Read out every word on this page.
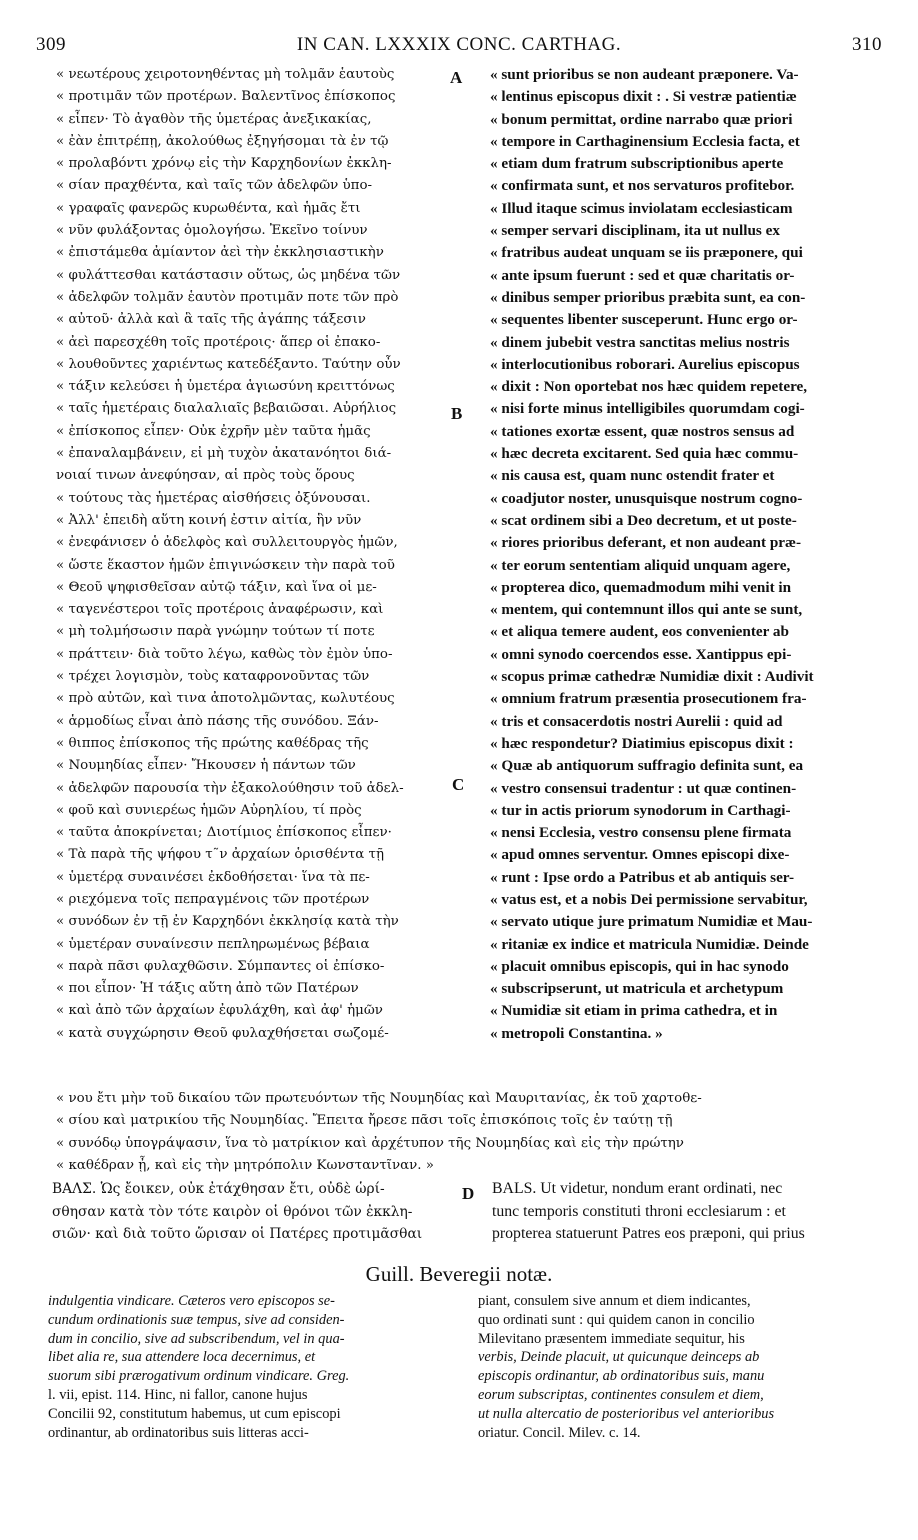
309	IN CAN. LXXXIX CONC. CARTHAG.	310
« νεωτέρους χειροτονηθέντας μὴ τολμᾶν ἑαυτοὺς
« προτιμᾶν τῶν προτέρων. Βαλεντῖνος ἐπίσκοπος
« εἶπεν· Τὸ ἀγαθὸν τῆς ὑμετέρας ἀνεξικακίας,
« ἐὰν ἐπιτρέπῃ, ἀκολούθως ἐξηγήσομαι τὰ ἐν τῷ
« προλαβόντι χρόνῳ εἰς τὴν Καρχηδονίων ἐκκλη-
« σίαν πραχθέντα, καὶ ταῖς τῶν ἀδελφῶν ὑπο-
« γραφαῖς φανερῶς κυρωθέντα, καὶ ἡμᾶς ἔτι
« νῦν φυλάξοντας ὁμολογήσω. Ἐκεῖνο τοίνυν
« ἐπιστάμεθα ἀμίαντον ἀεὶ τὴν ἐκκλησιαστικὴν
« φυλάττεσθαι κατάστασιν οὕτως, ὡς μηδένα τῶν
« ἀδελφῶν τολμᾶν ἑαυτὸν προτιμᾶν ποτε τῶν πρὸ
« αὐτοῦ· ἀλλὰ καὶ ἃ ταῖς τῆς ἀγάπης τάξεσιν
« ἀεὶ παρεσχέθη τοῖς προτέροις· ἅπερ οἱ ἐπακο-
« λουθοῦντες χαριέντως κατεδέξαντο. Ταύτην οὖν
« τάξιν κελεύσει ἡ ὑμετέρα ἁγιωσύνη κρειττόνως
« ταῖς ἡμετέραις διαλαλιαῖς βεβαιῶσαι. Αὐρήλιος
« ἐπίσκοπος εἶπεν· Οὐκ ἐχρῆν μὲν ταῦτα ἡμᾶς
« ἐπαναλαμβάνειν, εἰ μὴ τυχὸν ἀκατανόητοι διά-
νοιαί τινων ἀνεφύησαν, αἱ πρὸς τοὺς ὅρους
« τούτους τὰς ἡμετέρας αἰσθήσεις ὀξύνουσαι.
« Ἀλλ' ἐπειδὴ αὕτη κοινή ἐστιν αἰτία, ἣν νῦν
« ἐνεφάνισεν ὁ ἀδελφὸς καὶ συλλειτουργὸς ἡμῶν,
« ὥστε ἕκαστον ἡμῶν ἐπιγινώσκειν τὴν παρὰ τοῦ
« Θεοῦ ψηφισθεῖσαν αὐτῷ τάξιν, καὶ ἵνα οἱ με-
« ταγενέστεροι τοῖς προτέροις ἀναφέρωσιν, καὶ
« μὴ τολμήσωσιν παρὰ γνώμην τούτων τί ποτε
« πράττειν· διὰ τοῦτο λέγω, καθὼς τὸν ἐμὸν ὑπο-
« τρέχει λογισμὸν, τοὺς καταφρονοῦντας τῶν
« πρὸ αὐτῶν, καὶ τινα ἀποτολμῶντας, κωλυτέους
« ἁρμοδίως εἶναι ἀπὸ πάσης τῆς συνόδου. Ξάν-
« θιππος ἐπίσκοπος τῆς πρώτης καθέδρας τῆς
« Νουμηδίας εἶπεν· Ἤκουσεν ἡ πάντων τῶν
« ἀδελφῶν παρουσία τὴν ἐξακολούθησιν τοῦ ἀδελ-
« φοῦ καὶ συνιερέως ἡμῶν Αὐρηλίου, τί πρὸς
« ταῦτα ἀποκρίνεται; Διοτίμιος ἐπίσκοπος εἶπεν·
« Τὰ παρὰ τῆς ψήφου τ῀ν ἀρχαίων ὁρισθέντα τῇ
« ὑμετέρᾳ συναινέσει ἐκδοθήσεται· ἵνα τὰ πε-
« ριεχόμενα τοῖς πεπραγμένοις τῶν προτέρων
« συνόδων ἐν τῇ ἐν Καρχηδόνι ἐκκλησίᾳ κατὰ τὴν
« ὑμετέραν συναίνεσιν πεπληρωμένως βέβαια
« παρὰ πᾶσι φυλαχθῶσιν. Σύμπαντες οἱ ἐπίσκο-
« ποι εἶπον· Ἡ τάξις αὕτη ἀπὸ τῶν Πατέρων
« καὶ ἀπὸ τῶν ἀρχαίων ἐφυλάχθη, καὶ ἀφ' ἡμῶν
« κατὰ συγχώρησιν Θεοῦ φυλαχθήσεται σωζομέ-
« sunt prioribus se non audeant præponere. Va-
« lentinus episcopus dixit : . Si vestræ patientiæ
« bonum permittat, ordine narrabo quæ priori
« tempore in Carthaginensium Ecclesia facta, et
« etiam dum fratrum subscriptionibus aperte
« confirmata sunt, et nos servaturos profitebor.
« Illud itaque scimus inviolatam ecclesiasticam
« semper servari disciplinam, ita ut nullus ex
« fratribus audeat unquam se iis præponere, qui
« ante ipsum fuerunt : sed et quæ charitatis or-
« dinibus semper prioribus præbita sunt, ea con-
« sequentes libenter susceperunt. Hunc ergo or-
« dinem jubebit vestra sanctitas melius nostris
« interlocutionibus roborari. Aurelius episcopus
« dixit : Non oportebat nos hæc quidem repetere,
« nisi forte minus intelligibiles quorumdam cogi-
« tationes exortæ essent, quæ nostros sensus ad
« hæc decreta excitarent. Sed quia hæc commu-
« nis causa est, quam nunc ostendit frater et
« coadjutor noster, unusquisque nostrum cogno-
« scat ordinem sibi a Deo decretum, et ut poste-
« riores prioribus deferant, et non audeant præ-
« ter eorum sententiam aliquid unquam agere,
« propterea dico, quemadmodum mihi venit in
« mentem, qui contemnunt illos qui ante se sunt,
« et aliqua temere audent, eos convenienter ab
« omni synodo coercendos esse. Xantippus epi-
« scopus primæ cathedræ Numidiæ dixit : Audivit
« omnium fratrum præsentia prosecutionem fra-
« tris et consacerdotis nostri Aurelii : quid ad
« hæc respondetur? Diatimius episcopus dixit :
« Quæ ab antiquorum suffragio definita sunt, ea
« vestro consensui tradentur : ut quæ continen-
« tur in actis priorum synodorum in Carthagi-
« nensi Ecclesia, vestro consensu plene firmata
« apud omnes serventur. Omnes episcopi dixe-
« runt : Ipse ordo a Patribus et ab antiquis ser-
« vatus est, et a nobis Dei permissione servabitur,
« servato utique jure primatum Numidiæ et Mau-
« ritaniæ ex indice et matricula Numidiæ. Deinde
« placuit omnibus episcopis, qui in hac synodo
« subscripserunt, ut matricula et archetypum
« Numidiæ sit etiam in prima cathedra, et in
« metropoli Constantina. »
A
B
C
D
« νου ἔτι μὴν τοῦ δικαίου τῶν πρωτευόντων τῆς Νουμηδίας καὶ Μαυριτανίας, ἐκ τοῦ χαρτοθε-
« σίου καὶ ματρικίου τῆς Νουμηδίας. Ἔπειτα ἤρεσε πᾶσι τοῖς ἐπισκόποις τοῖς ἐν ταύτῃ τῇ
« συνόδῳ ὑπογράψασιν, ἵνα τὸ ματρίκιον καὶ ἀρχέτυπον τῆς Νουμηδίας καὶ εἰς τὴν πρώτην
« καθέδραν ᾖ, καὶ εἰς τὴν μητρόπολιν Κωνσταντῖναν. »
ΒΑΛΣ. Ὡς ἔοικεν, οὐκ ἐτάχθησαν ἔτι, οὐδὲ ὡρί-
σθησαν κατὰ τὸν τότε καιρὸν οἱ θρόνοι τῶν ἐκκλη-
σιῶν· καὶ διὰ τοῦτο ὥρισαν οἱ Πατέρες προτιμᾶσθαι
BALS. Ut videtur, nondum erant ordinati, nec
tunc temporis constituti throni ecclesiarum : et
propterea statuerunt Patres eos præponi, qui prius
Guill. Beveregii notæ.
indulgentia vindicare. Cæteros vero episcopos se-
cundum ordinationis suæ tempus, sive ad considen-
dum in concilio, sive ad subscribendum, vel in qua-
libet alia re, sua attendere loca decernimus, et
suorum sibi prærogativum ordinum vindicare. Greg.
l. vii, epist. 114. Hinc, ni fallor, canone hujus
Concilii 92, constitutum habemus, ut cum episcopi
ordinantur, ab ordinatoribus suis litteras acci-
piant, consulem sive annum et diem indicantes,
quo ordinati sunt : qui quidem canon in concilio
Milevitano præsentem immediate sequitur, his
verbis, Deinde placuit, ut quicunque deinceps ab
episcopis ordinantur, ab ordinatoribus suis, manu
eorum subscriptas, continentes consulem et diem,
ut nulla altercatio de posterioribus vel anterioribus
oriatur. Concil. Milev. c. 14.
